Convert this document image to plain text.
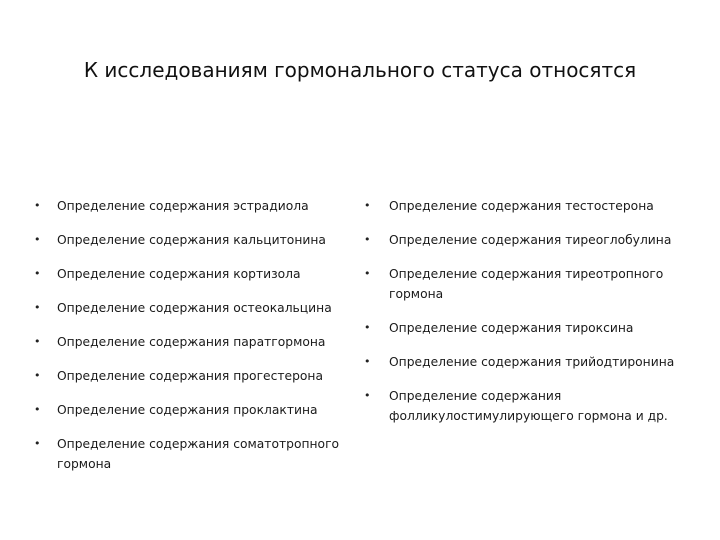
К исследованиям гормонального статуса относятся
• Определение содержания эстрадиола
• Определение содержания кальцитонина
• Определение содержания кортизола
• Определение содержания остеокальцина
• Определение содержания паратгормона
• Определение содержания прогестерона
• Определение содержания проклактина
• Определение содержания соматотропного гормона
• Определение содержания тестостерона
• Определение содержания тиреоглобулина
• Определение содержания тиреотропного гормона
• Определение содержания тироксина
• Определение содержания трийодтиронина
• Определение содержания фолликулостимулирующего гормона и др.
